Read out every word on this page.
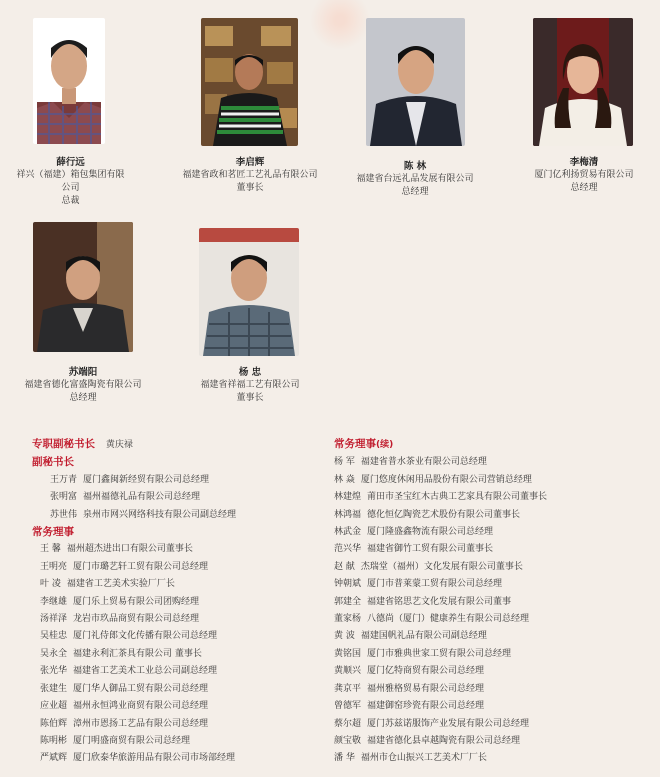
薛行远
祥兴（福建）箱包集团有限公司
总裁
李启辉
福建省政和茗匠工艺礼品有限公司
董事长
陈 林
福建省台远礼品发展有限公司
总经理
李梅清
厦门亿利扬贸易有限公司
总经理
苏端阳
福建省德化富盛陶瓷有限公司
总经理
杨 忠
福建省祥福工艺有限公司
董事长
专职副秘书长 黄庆禄
副秘书长
王万青 厦门鑫闽新经贸有限公司总经理
张明富 福州福德礼品有限公司总经理
苏世伟 泉州市网兴网络科技有限公司副总经理
常务理事
王 馨 福州超杰进出口有限公司董事长
王明亮 厦门市璐艺轩工贸有限公司总经理
叶 凌 福建省工艺美术实验厂厂长
李继雄 厦门乐上贸易有限公司团购经理
汤祥泽 龙岩市玖品商贸有限公司总经理
吴桂忠 厦门礼侍郎文化传播有限公司总经理
吴永全 福建永利汇茶具有限公司 董事长
张光华 福建省工艺美术工业总公司副总经理
张建生 厦门华人御品工贸有限公司总经理
应业超 福州永恒鸿业商贸有限公司总经理
陈伯辉 漳州市恩扬工艺品有限公司总经理
陈明彬 厦门明盛商贸有限公司总经理
严斌辉 厦门欣泰华旅游用品有限公司市场部经理
常务理事(续)
杨 军 福建省普水茶业有限公司总经理
林 焱 厦门悠度休闲用品股份有限公司营销总经理
林建煌 莆田市圣宝红木古典工艺家具有限公司董事长
林鸿福 德化恒亿陶瓷艺术股份有限公司董事长
林武金 厦门隆盛鑫物流有限公司总经理
范兴华 福建省御竹工贸有限公司董事长
赵 献 杰瑞堂（福州）文化发展有限公司董事长
钟朝斌 厦门市普莱蒙工贸有限公司总经理
郭建全 福建省铭思艺文化发展有限公司董事
董家杨 八德尚（厦门）健康养生有限公司总经理
黄 波 福建国帆礼品有限公司副总经理
黄铭国 厦门市雅典世家工贸有限公司总经理
黄顺兴 厦门亿特商贸有限公司总经理
龚京平 福州雅格贸易有限公司总经理
曾德军 福建御窑珍瓷有限公司总经理
蔡尔超 厦门苏兹诺服饰产业发展有限公司总经理
颜宝敬 福建省德化县卓越陶瓷有限公司总经理
潘 华 福州市仓山振兴工艺美术厂厂长
